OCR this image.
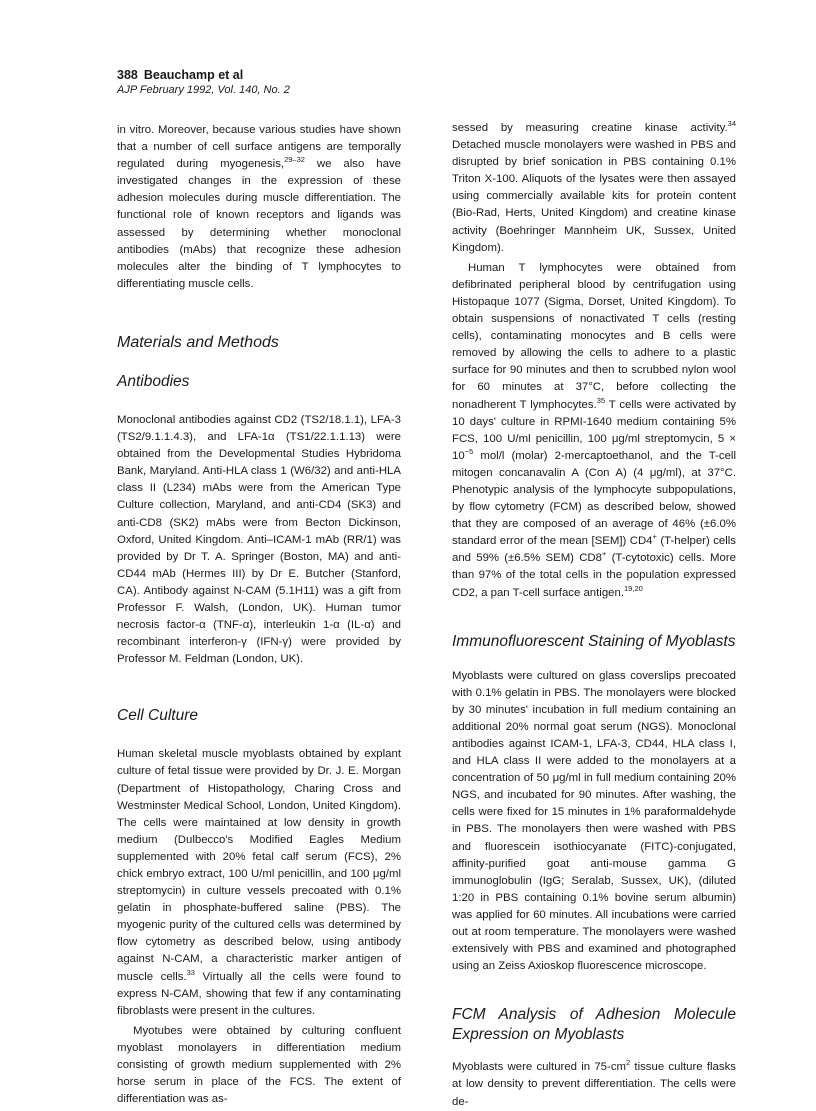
388 Beauchamp et al
AJP February 1992, Vol. 140, No. 2

in vitro. Moreover, because various studies have shown that a number of cell surface antigens are temporally regulated during myogenesis,$^{29-32}$ we also have investigated changes in the expression of these adhesion molecules during muscle differentiation. The functional role of known receptors and ligands was assessed by determining whether monoclonal antibodies (mAbs) that recognize these adhesion molecules alter the binding of T lymphocytes to differentiating muscle cells.

Materials and Methods
Antibodies

Monoclonal antibodies against CD2 (TS2/18.1.1), LFA-3 (TS2/9.1.1.4.3), and LFA-1α (TS1/22.1.1.13) were obtained from the Developmental Studies Hybridoma Bank, Maryland. Anti-HLA class 1 (W6/32) and anti-HLA class II (L234) mAbs were from the American Type Culture collection, Maryland, and anti-CD4 (SK3) and anti-CD8 (SK2) mAbs were from Becton Dickinson, Oxford, United Kingdom. Anti–ICAM-1 mAb (RR/1) was provided by Dr T. A. Springer (Boston, MA) and anti-CD44 mAb (Hermes III) by Dr E. Butcher (Stanford, CA). Antibody against N-CAM (5.1H11) was a gift from Professor F. Walsh, (London, UK). Human tumor necrosis factor-α (TNF-α), interleukin 1-α (IL-α) and recombinant interferon-γ (IFN-γ) were provided by Professor M. Feldman (London, UK).

Cell Culture

Human skeletal muscle myoblasts obtained by explant culture of fetal tissue were provided by Dr. J. E. Morgan (Department of Histopathology, Charing Cross and Westminster Medical School, London, United Kingdom). The cells were maintained at low density in growth medium (Dulbecco's Modified Eagles Medium supplemented with 20% fetal calf serum (FCS), 2% chick embryo extract, 100 U/ml penicillin, and 100 μg/ml streptomycin) in culture vessels precoated with 0.1% gelatin in phosphate-buffered saline (PBS). The myogenic purity of the cultured cells was determined by flow cytometry as described below, using antibody against N-CAM, a characteristic marker antigen of muscle cells.$^{33}$ Virtually all the cells were found to express N-CAM, showing that few if any contaminating fibroblasts were present in the cultures.

Myotubes were obtained by culturing confluent myoblast monolayers in differentiation medium consisting of growth medium supplemented with 2% horse serum in place of the FCS. The extent of differentiation was as-

sessed by measuring creatine kinase activity.$^{34}$ Detached muscle monolayers were washed in PBS and disrupted by brief sonication in PBS containing 0.1% Triton X-100. Aliquots of the lysates were then assayed using commercially available kits for protein content (Bio-Rad, Herts, United Kingdom) and creatine kinase activity (Boehringer Mannheim UK, Sussex, United Kingdom).

Human T lymphocytes were obtained from defibrinated peripheral blood by centrifugation using Histopaque 1077 (Sigma, Dorset, United Kingdom). To obtain suspensions of nonactivated T cells (resting cells), contaminating monocytes and B cells were removed by allowing the cells to adhere to a plastic surface for 90 minutes and then to scrubbed nylon wool for 60 minutes at 37°C, before collecting the nonadherent T lymphocytes.$^{35}$ T cells were activated by 10 days' culture in RPMI-1640 medium containing 5% FCS, 100 U/ml penicillin, 100 μg/ml streptomycin, $5 \times 10^{-5}$ mol/l (molar) 2-mercaptoethanol, and the T-cell mitogen concanavalin A (Con A) (4 μg/ml), at 37°C. Phenotypic analysis of the lymphocyte subpopulations, by flow cytometry (FCM) as described below, showed that they are composed of an average of 46% (±6.0% standard error of the mean [SEM]) CD4+ (T-helper) cells and 59% (±6.5% SEM) CD8+ (T-cytotoxic) cells. More than 97% of the total cells in the population expressed CD2, a pan T-cell surface antigen.$^{19,20}$

Immunofluorescent Staining of Myoblasts

Myoblasts were cultured on glass coverslips precoated with 0.1% gelatin in PBS. The monolayers were blocked by 30 minutes' incubation in full medium containing an additional 20% normal goat serum (NGS). Monoclonal antibodies against ICAM-1, LFA-3, CD44, HLA class I, and HLA class II were added to the monolayers at a concentration of 50 μg/ml in full medium containing 20% NGS, and incubated for 90 minutes. After washing, the cells were fixed for 15 minutes in 1% paraformaldehyde in PBS. The monolayers then were washed with PBS and fluorescein isothiocyanate (FITC)-conjugated, affinity-purified goat anti-mouse gamma G immunoglobulin (IgG; Seralab, Sussex, UK), (diluted 1:20 in PBS containing 0.1% bovine serum albumin) was applied for 60 minutes. All incubations were carried out at room temperature. The monolayers were washed extensively with PBS and examined and photographed using an Zeiss Axioskop fluorescence microscope.

FCM Analysis of Adhesion Molecule Expression on Myoblasts

Myoblasts were cultured in $75-cm^2$ tissue culture flasks at low density to prevent differentiation. The cells were de-
